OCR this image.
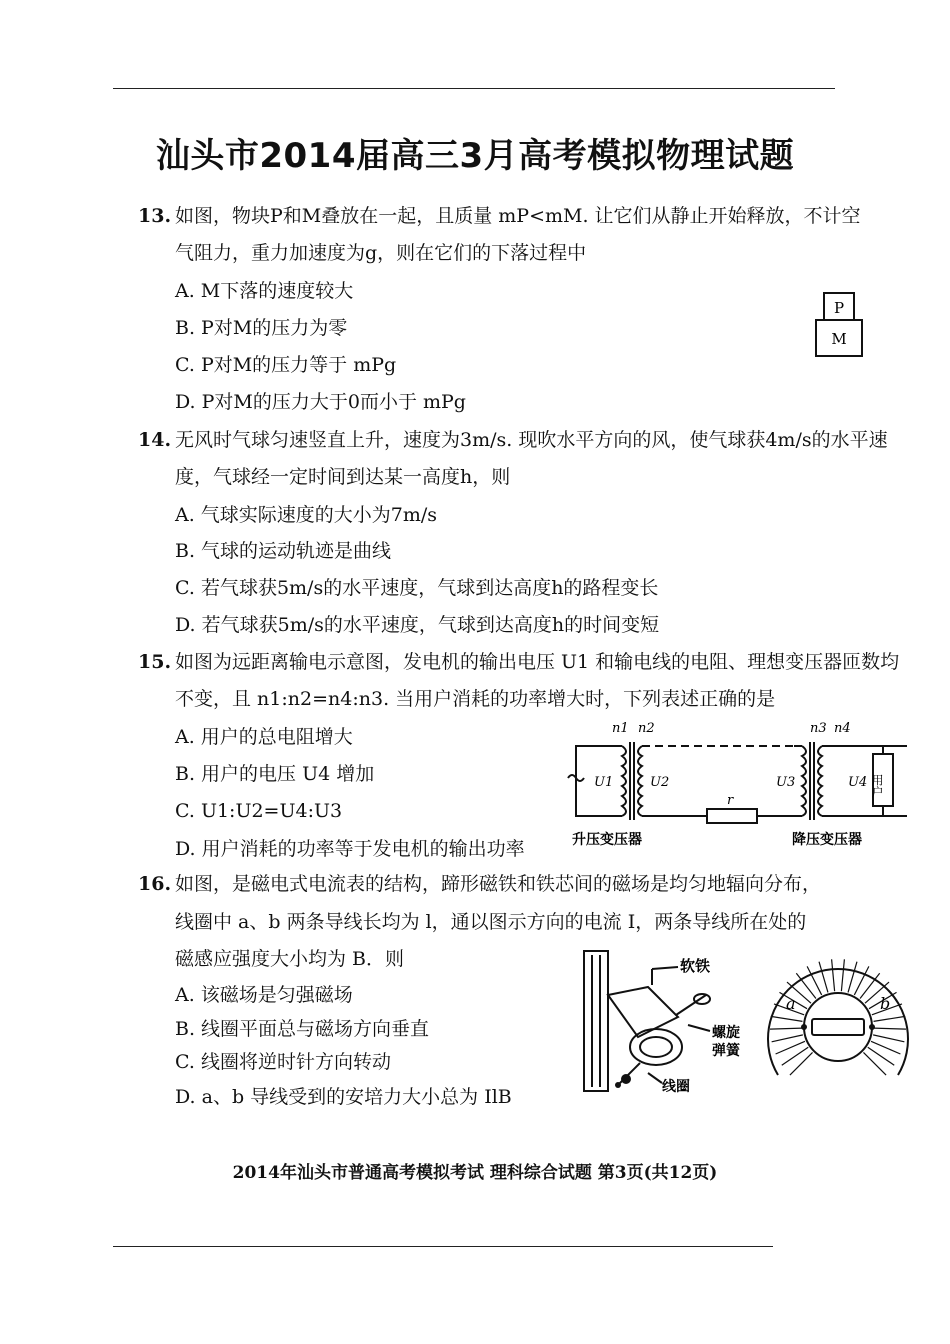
汕头市2014届高三3月高考模拟物理试题
13. 如图，物块P和M叠放在一起，且质量 mP<mM. 让它们从静止开始释放，不计空
气阻力，重力加速度为g，则在它们的下落过程中
A. M下落的速度较大
B. P对M的压力为零
C. P对M的压力等于 mPg
D. P对M的压力大于0而小于 mPg
P
M
14. 无风时气球匀速竖直上升，速度为3m/s. 现吹水平方向的风，使气球获4m/s的水平速
度，气球经一定时间到达某一高度h，则
A. 气球实际速度的大小为7m/s
B. 气球的运动轨迹是曲线
C. 若气球获5m/s的水平速度，气球到达高度h的路程变长
D. 若气球获5m/s的水平速度，气球到达高度h的时间变短
15. 如图为远距离输电示意图，发电机的输出电压 U1 和输电线的电阻、理想变压器匝数均
不变，且 n1:n2=n4:n3. 当用户消耗的功率增大时，下列表述正确的是
A. 用户的总电阻增大
B. 用户的电压 U4 增加
C. U1:U2=U4:U3
D. 用户消耗的功率等于发电机的输出功率
n1 n2	n3 n4
U1	U2	U3	U4
r
用户
升压变压器	降压变压器
16. 如图，是磁电式电流表的结构，蹄形磁铁和铁芯间的磁场是均匀地辐向分布，
线圈中 a、b 两条导线长均为 l，通以图示方向的电流 I，两条导线所在处的
磁感应强度大小均为 B．则
A. 该磁场是匀强磁场
B. 线圈平面总与磁场方向垂直
C. 线圈将逆时针方向转动
D. a、b 导线受到的安培力大小总为 IlB
软铁
螺旋
弹簧
线圈
a	b
2014年汕头市普通高考模拟考试 理科综合试题 第3页(共12页)
